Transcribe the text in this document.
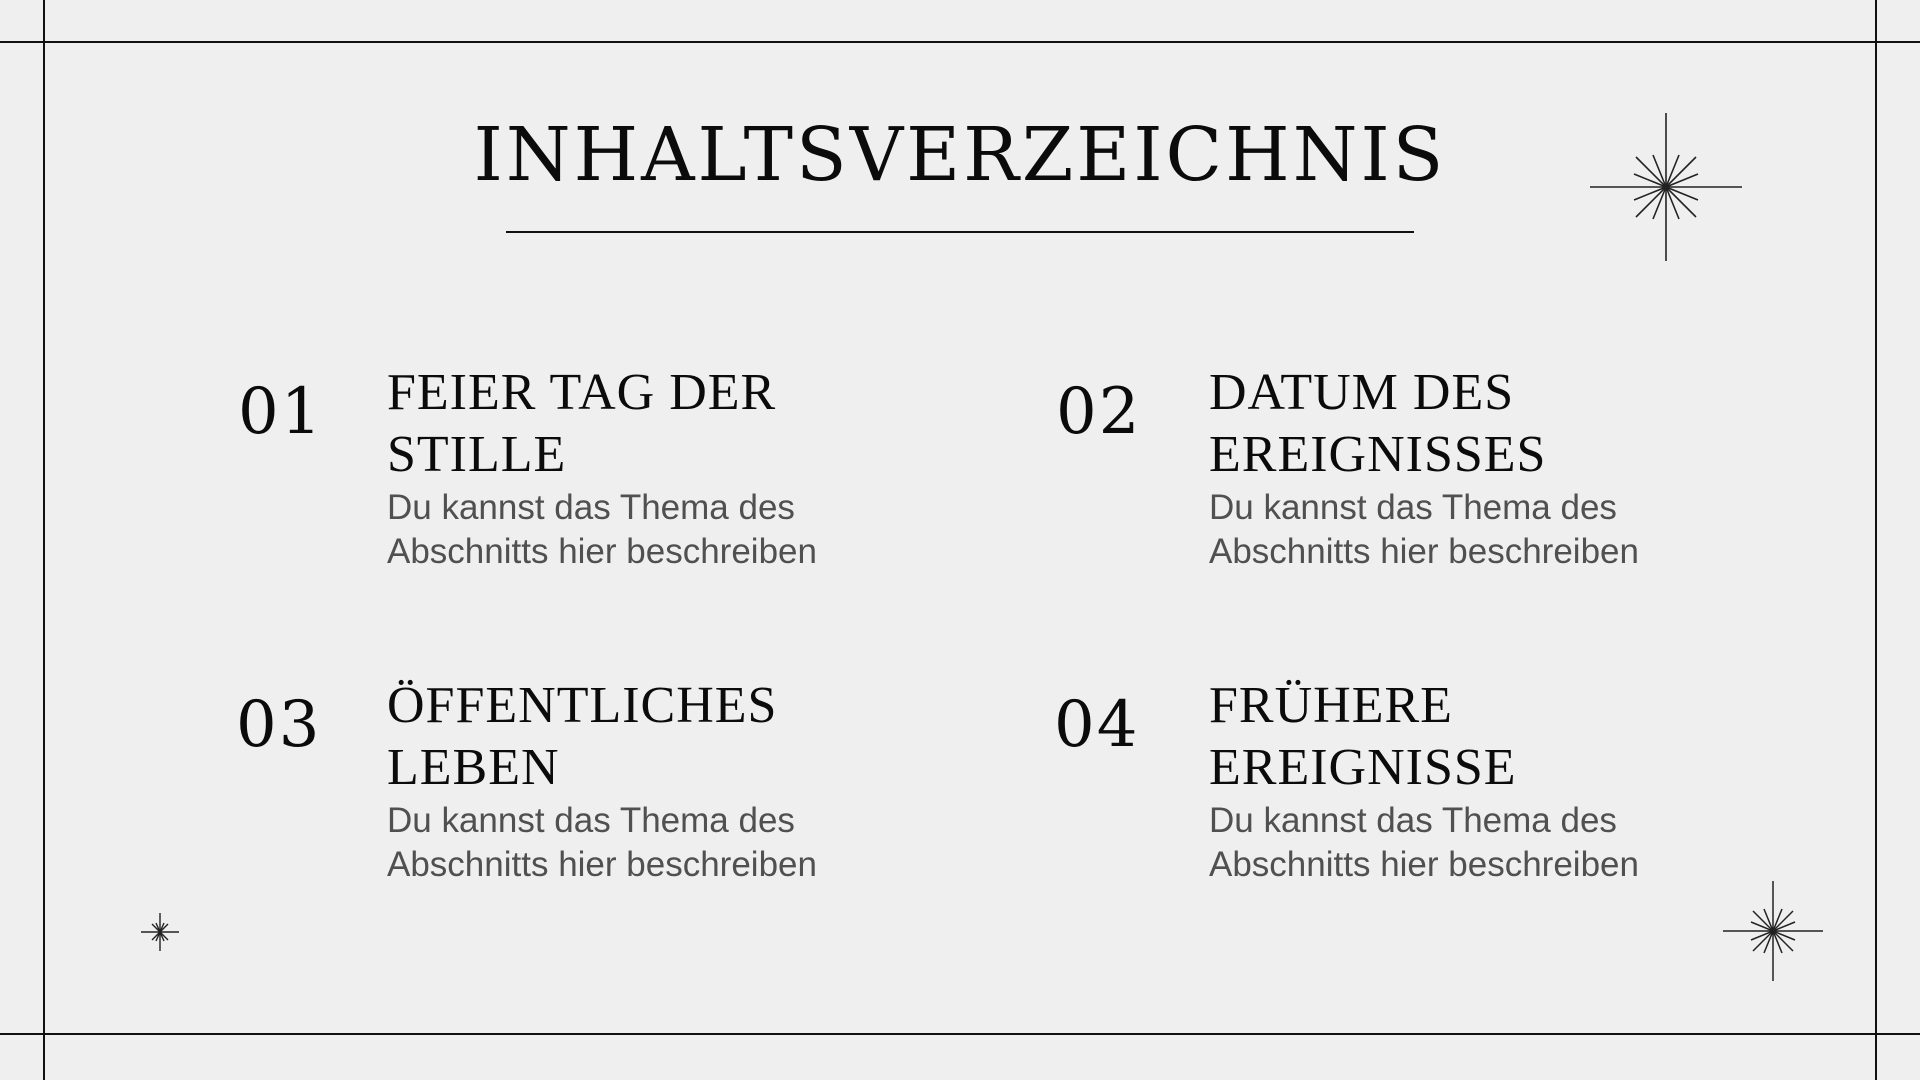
INHALTSVERZEICHNIS
01 FEIER TAG DER
STILLE

Du kannst das Thema des
Abschnitts hier beschreiben

02 DATUM DES
EREIGNISSES

Du kannst das Thema des
Abschnitts hier beschreiben

03 ÖFFENTLICHES
LEBEN

Du kannst das Thema des
Abschnitts hier beschreiben

04 FRÜHERE
EREIGNISSE

Du kannst das Thema des
Abschnitts hier beschreiben
